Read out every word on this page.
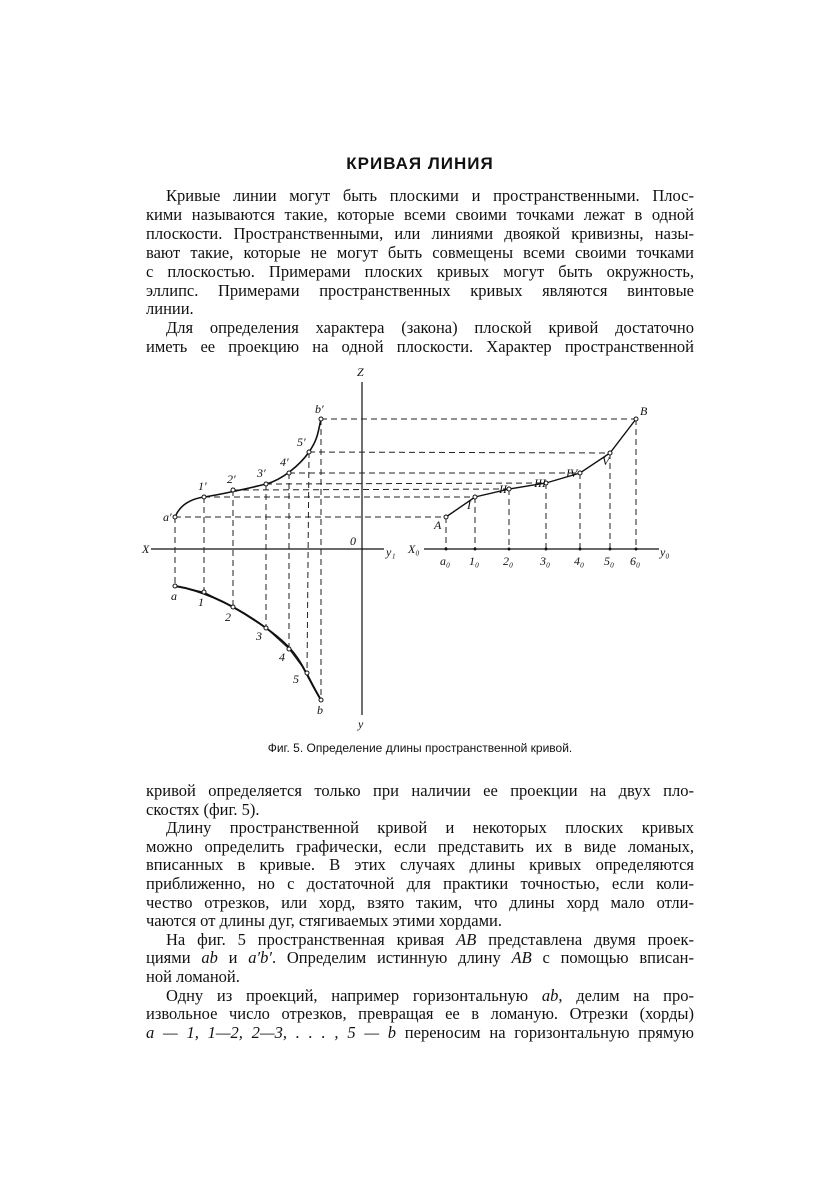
КРИВАЯ ЛИНИЯ
Кривые линии могут быть плоскими и пространственными. Плос-
кими называются такие, которые всеми своими точками лежат в одной
плоскости. Пространственными, или линиями двоякой кривизны, назы-
вают такие, которые не могут быть совмещены всеми своими точками
с плоскостью. Примерами плоских кривых могут быть окружность,
эллипс. Примерами пространственных кривых являются винтовые
линии.
Для определения характера (закона) плоской кривой достаточно
иметь ее проекцию на одной плоскости. Характер пространственной
Z
X	y₁
0
y
X₀	y₀
a′
1′ 2′ 3′
4′
5′
b′
a 1
2
3
4
5
b
A
I
II III
IV
V
B
a₀ 1₀ 2₀ 3₀ 4₀ 5₀ 6₀
Фиг. 5. Определение длины пространственной кривой.
кривой определяется только при наличии ее проекции на двух пло-
скостях (фиг. 5).
Длину пространственной кривой и некоторых плоских кривых
можно определить графически, если представить их в виде ломаных,
вписанных в кривые. В этих случаях длины кривых определяются
приближенно, но с достаточной для практики точностью, если коли-
чество отрезков, или хорд, взято таким, что длины хорд мало отли-
чаются от длины дуг, стягиваемых этими хордами.
На фиг. 5 пространственная кривая AB представлена двумя проек-
циями ab и a′b′. Определим истинную длину AB с помощью вписан-
ной ломаной.
Одну из проекций, например горизонтальную ab, делим на про-
извольное число отрезков, превращая ее в ломаную. Отрезки (хорды)
a — 1, 1—2, 2—3, . . . , 5 — b переносим на горизонтальную прямую
